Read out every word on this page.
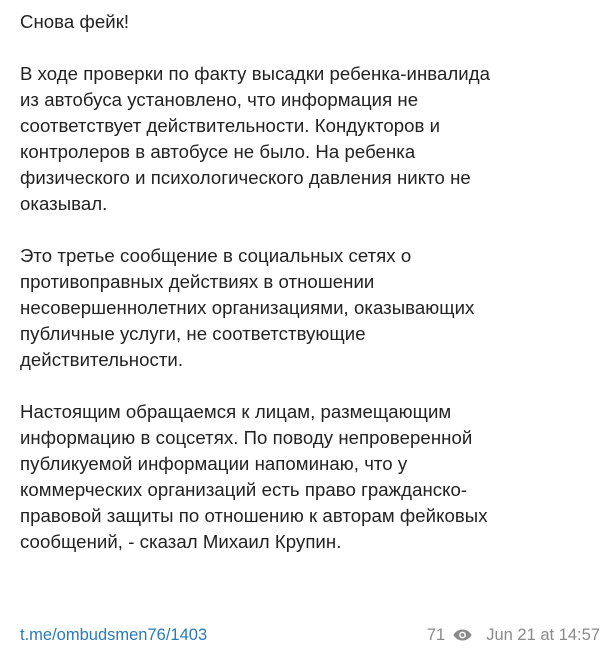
Снова фейк!

В ходе проверки по факту высадки ребенка-инвалида
из автобуса установлено, что информация не
соответствует действительности. Кондукторов и
контролеров в автобусе не было. На ребенка
физического и психологического давления никто не
оказывал.

Это третье сообщение в социальных сетях о
противоправных действиях в отношении
несовершеннолетних организациями, оказывающих
публичные услуги, не соответствующие
действительности.

Настоящим обращаемся к лицам, размещающим
информацию в соцсетях. По поводу непроверенной
публикуемой информации напоминаю, что у
коммерческих организаций есть право гражданско-
правовой защиты по отношению к авторам фейковых
сообщений, - сказал Михаил Крупин.

t.me/ombudsmen76/1403	71 Jun 21 at 14:57
